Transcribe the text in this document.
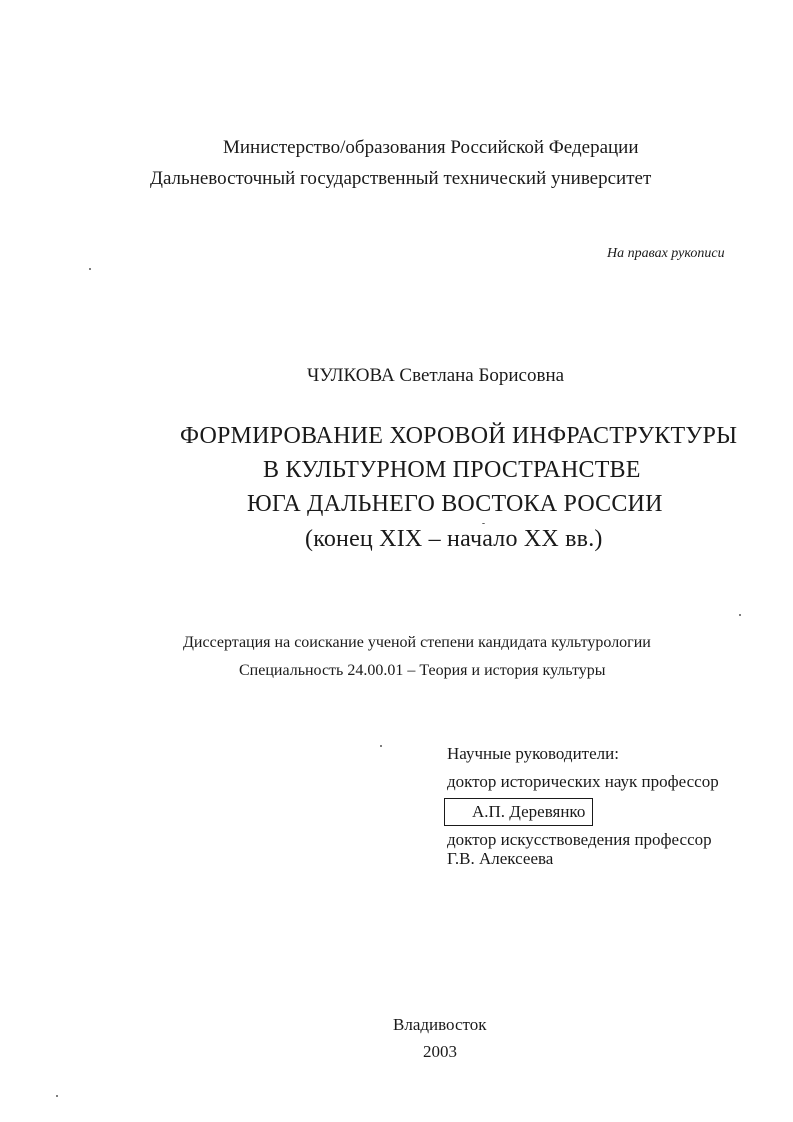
Министерство/образования Российской Федерации
Дальневосточный государственный технический университет
На правах рукописи
ЧУЛКОВА Светлана Борисовна
ФОРМИРОВАНИЕ ХОРОВОЙ ИНФРАСТРУКТУРЫ
В КУЛЬТУРНОМ ПРОСТРАНСТВЕ
ЮГА ДАЛЬНЕГО ВОСТОКА РОССИИ
(конец XIX – начало XX вв.)
Диссертация на соискание ученой степени кандидата культурологии
Специальность 24.00.01 – Теория и история культуры
Научные руководители:
доктор исторических наук профессор
А.П. Деревянко
доктор искусствоведения профессор
Г.В. Алексеева
Владивосток
2003
